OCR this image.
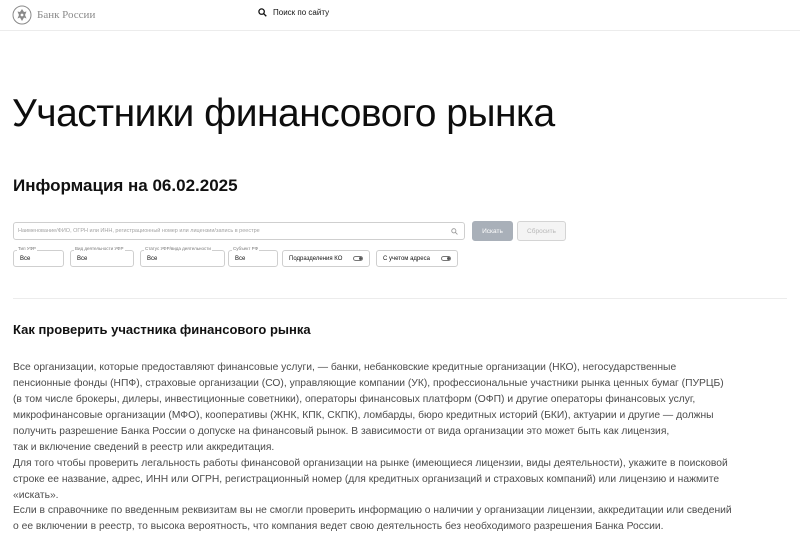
Банк России	Поиск по сайту
Участники финансового рынка
Информация на 06.02.2025
Наименование/ФИО, ОГРН или ИНН, регистрационный номер или лицензии/запись в реестре
Искать	Сбросить
Тип УФР
Все
Вид деятельности УФР
Все
Статус УФР/вида деятельности
Все
Субъект РФ
Все	Подразделения КО	С учетом адреса
Как проверить участника финансового рынка
Все организации, которые предоставляют финансовые услуги, — банки, небанковские кредитные организации (НКО), негосударственные
пенсионные фонды (НПФ), страховые организации (СО), управляющие компании (УК), профессиональные участники рынка ценных бумаг (ПУРЦБ)
(в том числе брокеры, дилеры, инвестиционные советники), операторы финансовых платформ (ОФП) и другие операторы финансовых услуг,
микрофинансовые организации (МФО), кооперативы (ЖНК, КПК, СКПК), ломбарды, бюро кредитных историй (БКИ), актуарии и другие — должны
получить разрешение Банка России о допуске на финансовый рынок. В зависимости от вида организации это может быть как лицензия,
так и включение сведений в реестр или аккредитация.
Для того чтобы проверить легальность работы финансовой организации на рынке (имеющиеся лицензии, виды деятельности), укажите в поисковой
строке ее название, адрес, ИНН или ОГРН, регистрационный номер (для кредитных организаций и страховых компаний) или лицензию и нажмите
«искать».
Если в справочнике по введенным реквизитам вы не смогли проверить информацию о наличии у организации лицензии, аккредитации или сведений
о ее включении в реестр, то высока вероятность, что компания ведет свою деятельность без необходимого разрешения Банка России.
